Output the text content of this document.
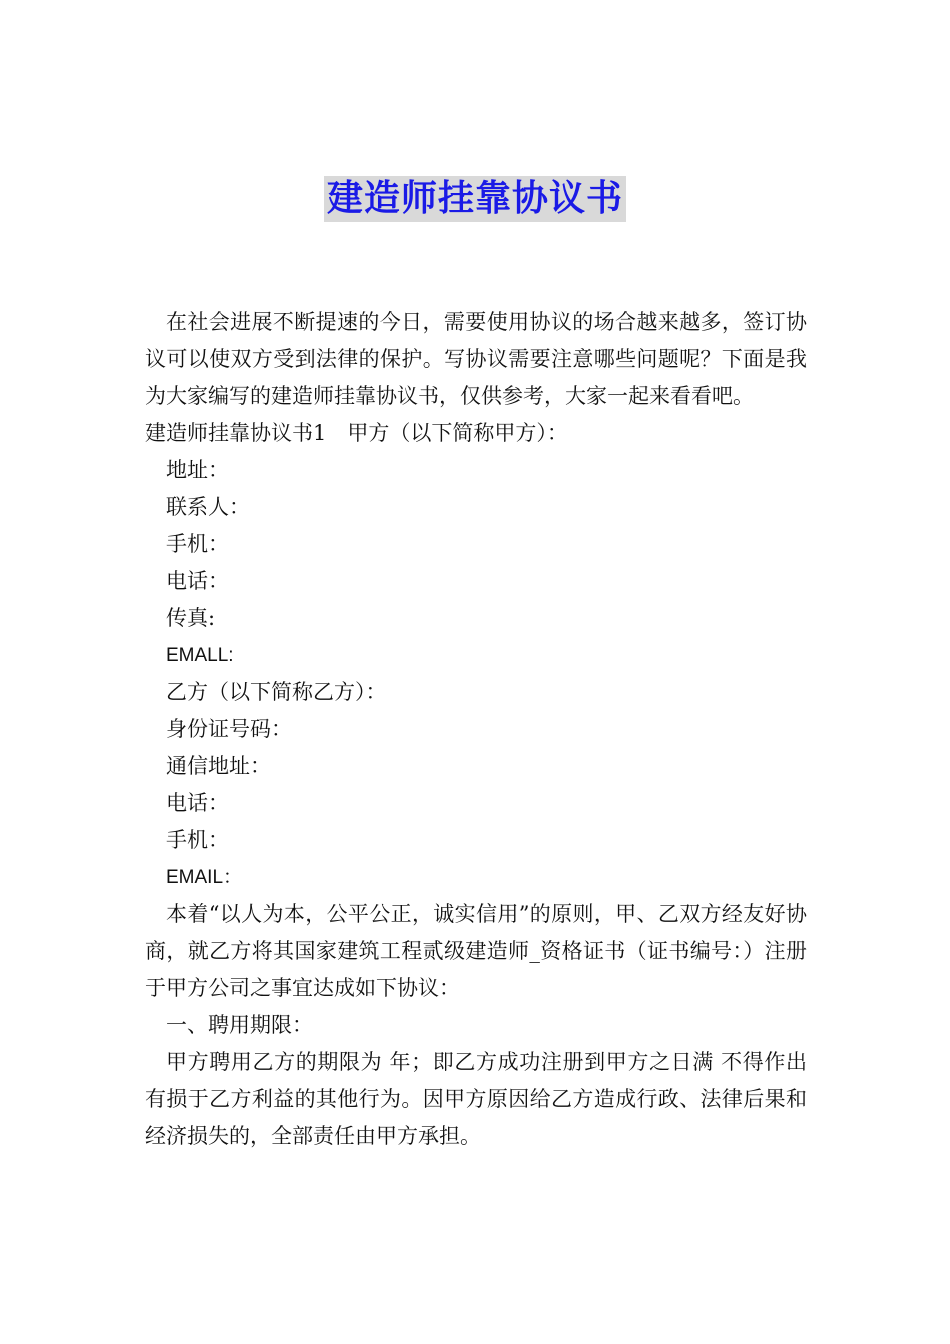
建造师挂靠协议书

在社会进展不断提速的今日，需要使用协议的场合越来越多，签订协议可以使双方受到法律的保护。写协议需要注意哪些问题呢？下面是我为大家编写的建造师挂靠协议书，仅供参考，大家一起来看看吧。

建造师挂靠协议书1　甲方（以下简称甲方）：

地址：

联系人：

手机：

电话：

传真:

EMALL:

乙方（以下简称乙方）：

身份证号码：

通信地址：

电话：

手机：

EMAIL：

本着“以人为本，公平公正，诚实信用”的原则，甲、乙双方经友好协商，就乙方将其国家建筑工程贰级建造师_资格证书（证书编号：）注册于甲方公司之事宜达成如下协议：

一、聘用期限：

甲方聘用乙方的期限为 年；即乙方成功注册到甲方之日满 不得作出有损于乙方利益的其他行为。因甲方原因给乙方造成行政、法律后果和经济损失的，全部责任由甲方承担。
